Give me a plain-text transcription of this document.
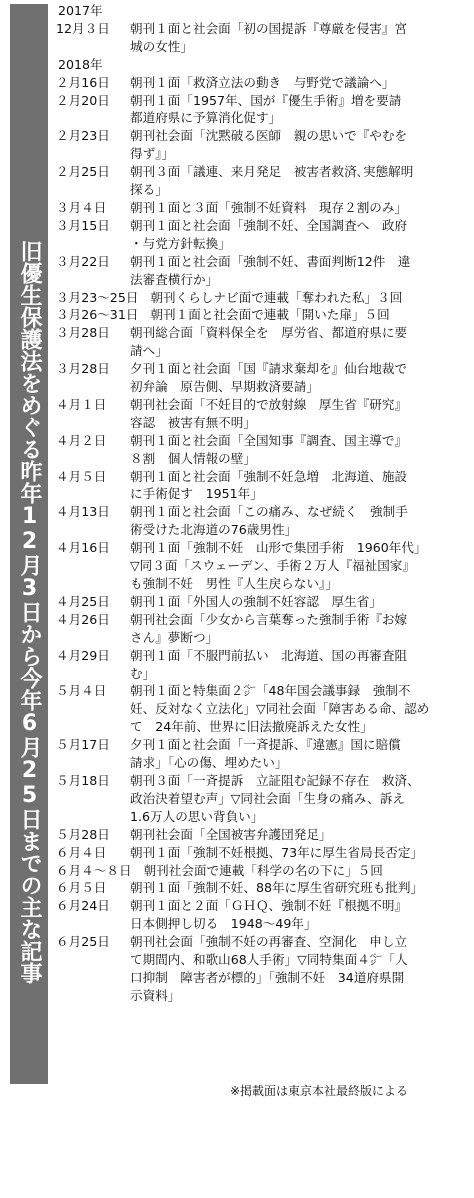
旧優生保護法をめぐる昨年12月3日から今年6月25日までの主な記事
2017年
12月３日	朝刊１面と社会面「初の国提訴『尊厳を侵害』宮
城の女性」
2018年
２月16日	朝刊１面「救済立法の動き　与野党で議論へ」
２月20日	朝刊１面「1957年、国が『優生手術』増を要請
都道府県に予算消化促す」
２月23日	朝刊社会面「沈黙破る医師　親の思いで『やむを
得ず』」
２月25日	朝刊３面「議連、来月発足　被害者救済､実態解明
探る」
３月４日	朝刊１面と３面「強制不妊資料　現存２割のみ」
３月15日	朝刊１面と社会面「強制不妊、全国調査へ　政府
・与党方針転換」
３月22日	朝刊１面と社会面「強制不妊、書面判断12件　違
法審査横行か」
３月23〜25日 朝刊くらしナビ面で連載「奪われた私」３回
３月26〜31日 朝刊１面と社会面で連載「開いた扉」５回
３月28日	朝刊総合面「資料保全を　厚労省、都道府県に要
請へ」
３月28日	夕刊１面と社会面「国『請求棄却を』仙台地裁で
初弁論　原告側、早期救済要請」
４月１日	朝刊社会面「不妊目的で放射線　厚生省『研究』
容認　被害有無不明」
４月２日	朝刊１面と社会面「全国知事『調査、国主導で』
８割　個人情報の壁」
４月５日	朝刊１面と社会面「強制不妊急増　北海道、施設
に手術促す　1951年」
４月13日	朝刊１面と社会面「この痛み、なぜ続く　強制手
術受けた北海道の76歳男性」
４月16日	朝刊１面「強制不妊　山形で集団手術　1960年代」
▽同３面「スウェーデン、手術２万人『福祉国家』
も強制不妊　男性『人生戻らない』」
４月25日	朝刊１面「外国人の強制不妊容認　厚生省」
４月26日	朝刊社会面「少女から言葉奪った強制手術『お嫁
さん』夢断つ」
４月29日	朝刊１面「不服門前払い　北海道、国の再審査阻
む」
５月４日	朝刊１面と特集面２㌻「48年国会議事録　強制不
妊、反対なく立法化」▽同社会面「障害ある命、認め
て　24年前、世界に旧法撤廃訴えた女性」
５月17日	夕刊１面と社会面「一斉提訴、『違憲』国に賠償
請求」「心の傷、埋めたい」
５月18日	朝刊３面「一斉提訴　立証阻む記録不存在　救済、
政治決着望む声」▽同社会面「生身の痛み、訴え
1.6万人の思い背負い」
５月28日	朝刊社会面「全国被害弁護団発足」
６月４日	朝刊１面「強制不妊根拠、73年に厚生省局長否定」
６月４〜８日 朝刊社会面で連載「科学の名の下に」５回
６月５日	朝刊１面「強制不妊、88年に厚生省研究班も批判」
６月24日	朝刊１面と２面「ＧＨＱ、強制不妊『根拠不明』
日本側押し切る　1948〜49年」
６月25日	朝刊社会面「強制不妊の再審査、空洞化　申し立
て期間内、和歌山68人手術」▽同特集面４㌻「人
口抑制　障害者が標的」「強制不妊　34道府県開
示資料」
※掲載面は東京本社最終版による
